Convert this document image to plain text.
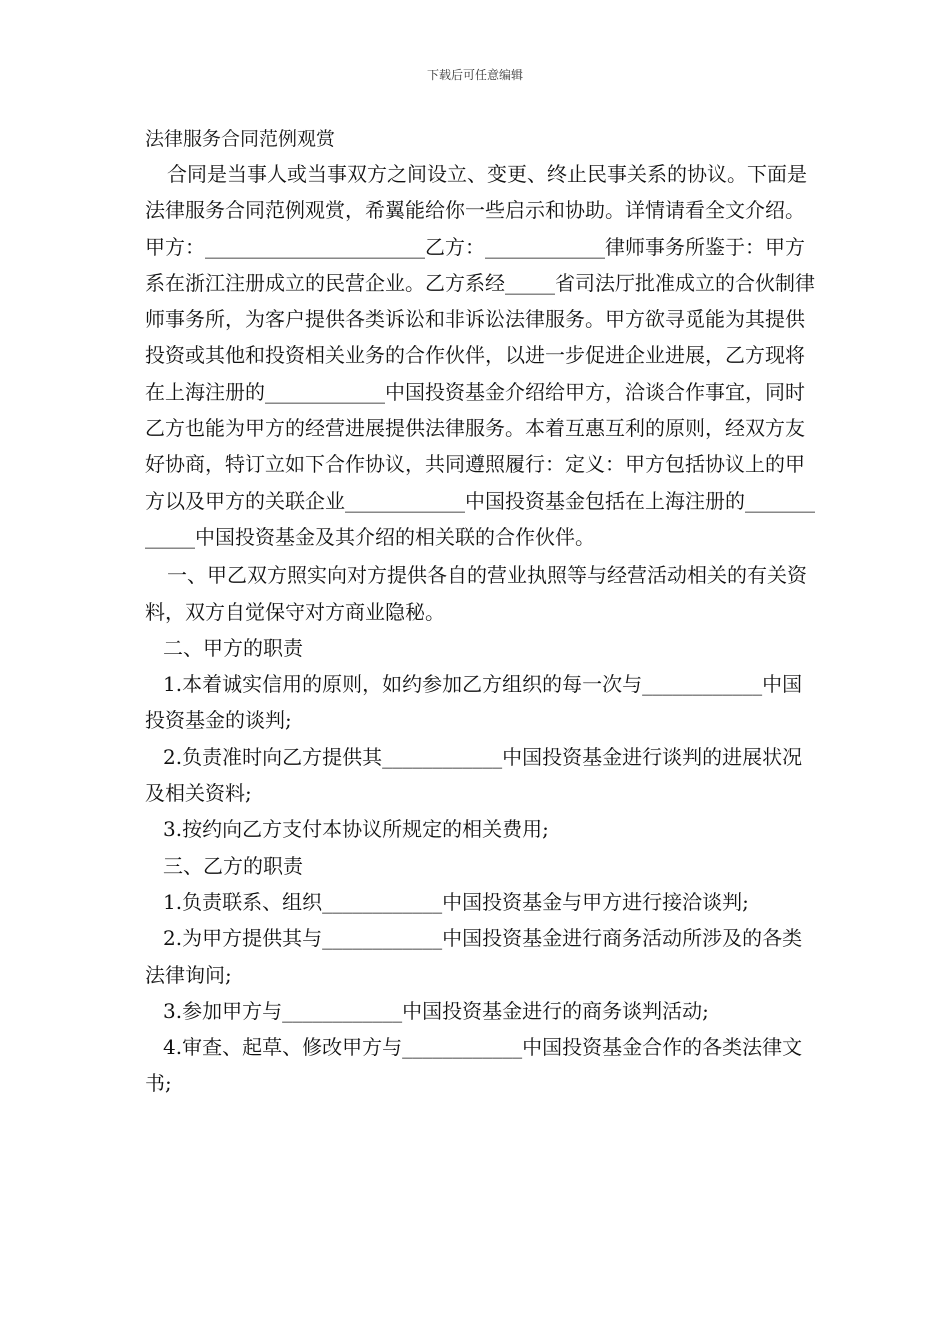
下载后可任意编辑
法律服务合同范例观赏

合同是当事人或当事双方之间设立、变更、终止民事关系的协议。下面是法律服务合同范例观赏，希翼能给你一些启示和协助。详情请看全文介绍。甲方：______________________乙方：____________律师事务所鉴于：甲方系在浙江注册成立的民营企业。乙方系经_____省司法厅批准成立的合伙制律师事务所，为客户提供各类诉讼和非诉讼法律服务。甲方欲寻觅能为其提供投资或其他和投资相关业务的合作伙伴，以进一步促进企业进展，乙方现将在上海注册的____________中国投资基金介绍给甲方，洽谈合作事宜，同时乙方也能为甲方的经营进展提供法律服务。本着互惠互利的原则，经双方友好协商，特订立如下合作协议，共同遵照履行：定义：甲方包括协议上的甲方以及甲方的关联企业____________中国投资基金包括在上海注册的____________中国投资基金及其介绍的相关联的合作伙伴。

一、甲乙双方照实向对方提供各自的营业执照等与经营活动相关的有关资料，双方自觉保守对方商业隐秘。

二、甲方的职责

1.本着诚实信用的原则，如约参加乙方组织的每一次与____________中国投资基金的谈判;

2.负责准时向乙方提供其____________中国投资基金进行谈判的进展状况及相关资料;

3.按约向乙方支付本协议所规定的相关费用;

三、乙方的职责

1.负责联系、组织____________中国投资基金与甲方进行接洽谈判;

2.为甲方提供其与____________中国投资基金进行商务活动所涉及的各类法律询问;

3.参加甲方与____________中国投资基金进行的商务谈判活动;

4.审查、起草、修改甲方与____________中国投资基金合作的各类法律文书;
